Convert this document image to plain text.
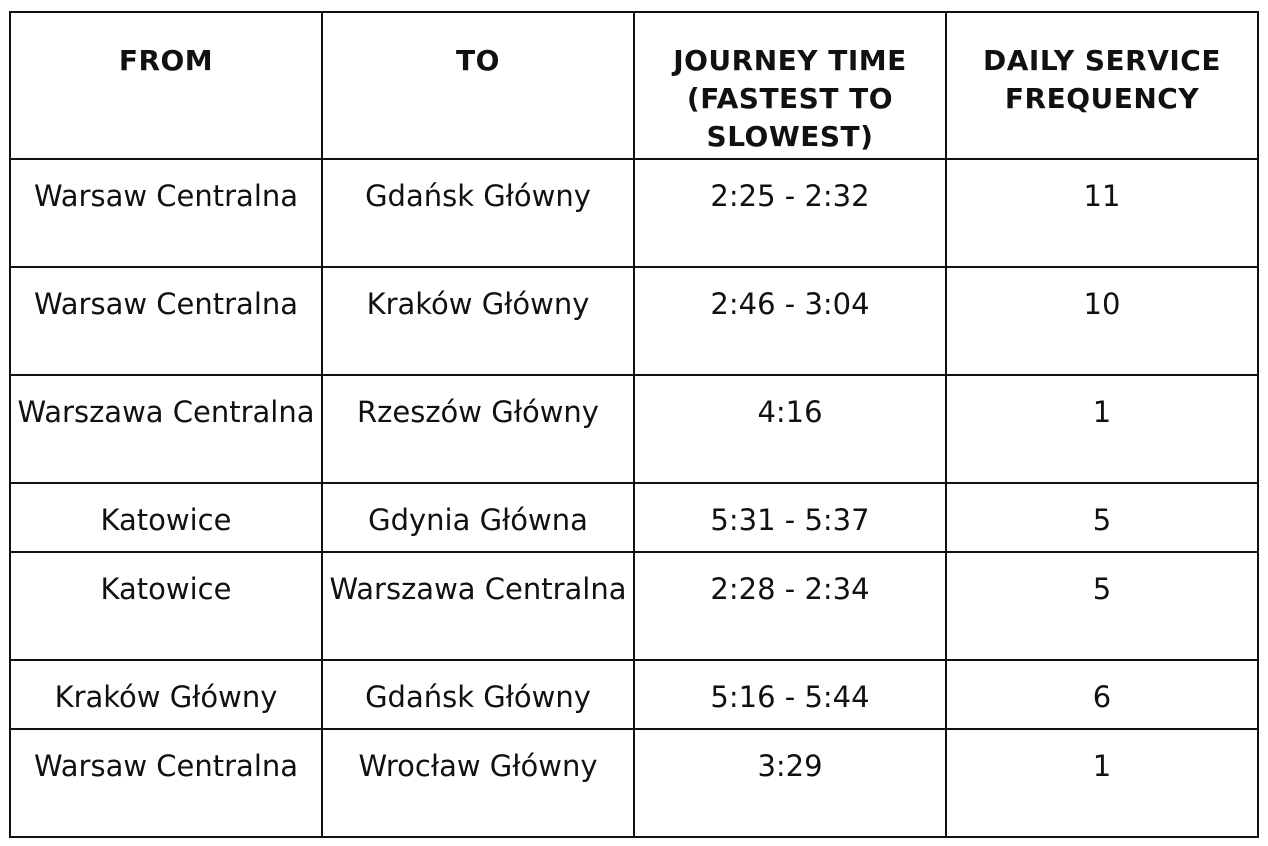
FROM	TO	JOURNEY TIME (FASTEST TO SLOWEST)	DAILY SERVICE FREQUENCY

Warsaw Centralna	Gdańsk Główny	2:25 - 2:32	11

Warsaw Centralna	Kraków Główny	2:46 - 3:04	10

Warszawa Centralna	Rzeszów Główny	4:16	1

Katowice	Gdynia Główna	5:31 - 5:37	5

Katowice	Warszawa Centralna	2:28 - 2:34	5

Kraków Główny	Gdańsk Główny	5:16 - 5:44	6

Warsaw Centralna	Wrocław Główny	3:29	1
